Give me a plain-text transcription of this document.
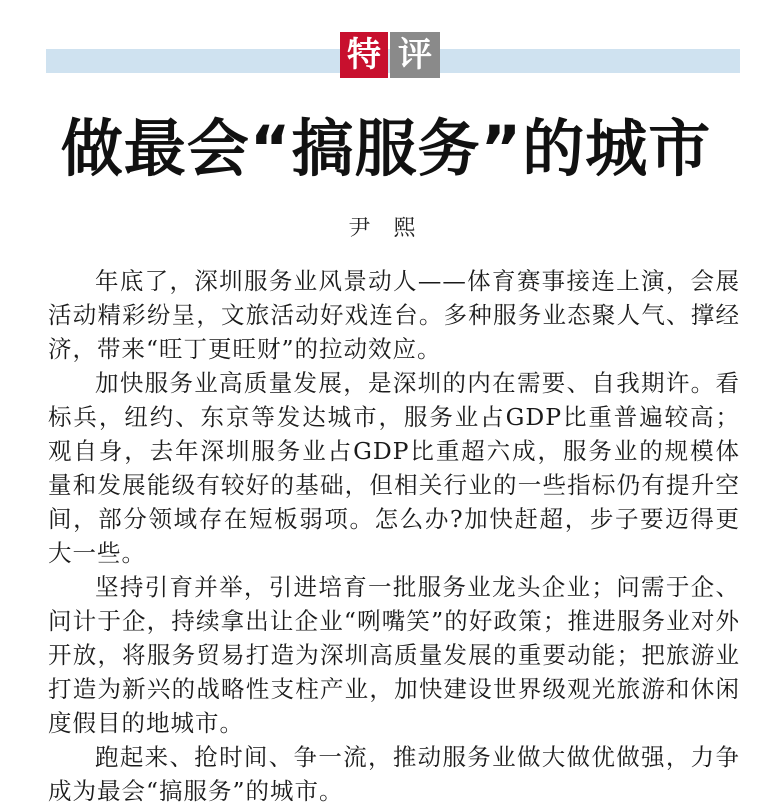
特 评
做最会“搞服务”的城市
尹 熙

年底了，深圳服务业风景动人——体育赛事接连上演，会展活动精彩纷呈，文旅活动好戏连台。多种服务业态聚人气、撑经济，带来“旺丁更旺财”的拉动效应。

加快服务业高质量发展，是深圳的内在需要、自我期许。看标兵，纽约、东京等发达城市，服务业占GDP比重普遍较高；观自身，去年深圳服务业占GDP比重超六成，服务业的规模体量和发展能级有较好的基础，但相关行业的一些指标仍有提升空间，部分领域存在短板弱项。怎么办?加快赶超，步子要迈得更大一些。

坚持引育并举，引进培育一批服务业龙头企业；问需于企、问计于企，持续拿出让企业“咧嘴笑”的好政策；推进服务业对外开放，将服务贸易打造为深圳高质量发展的重要动能；把旅游业打造为新兴的战略性支柱产业，加快建设世界级观光旅游和休闲度假目的地城市。

跑起来、抢时间、争一流，推动服务业做大做优做强，力争成为最会“搞服务”的城市。
